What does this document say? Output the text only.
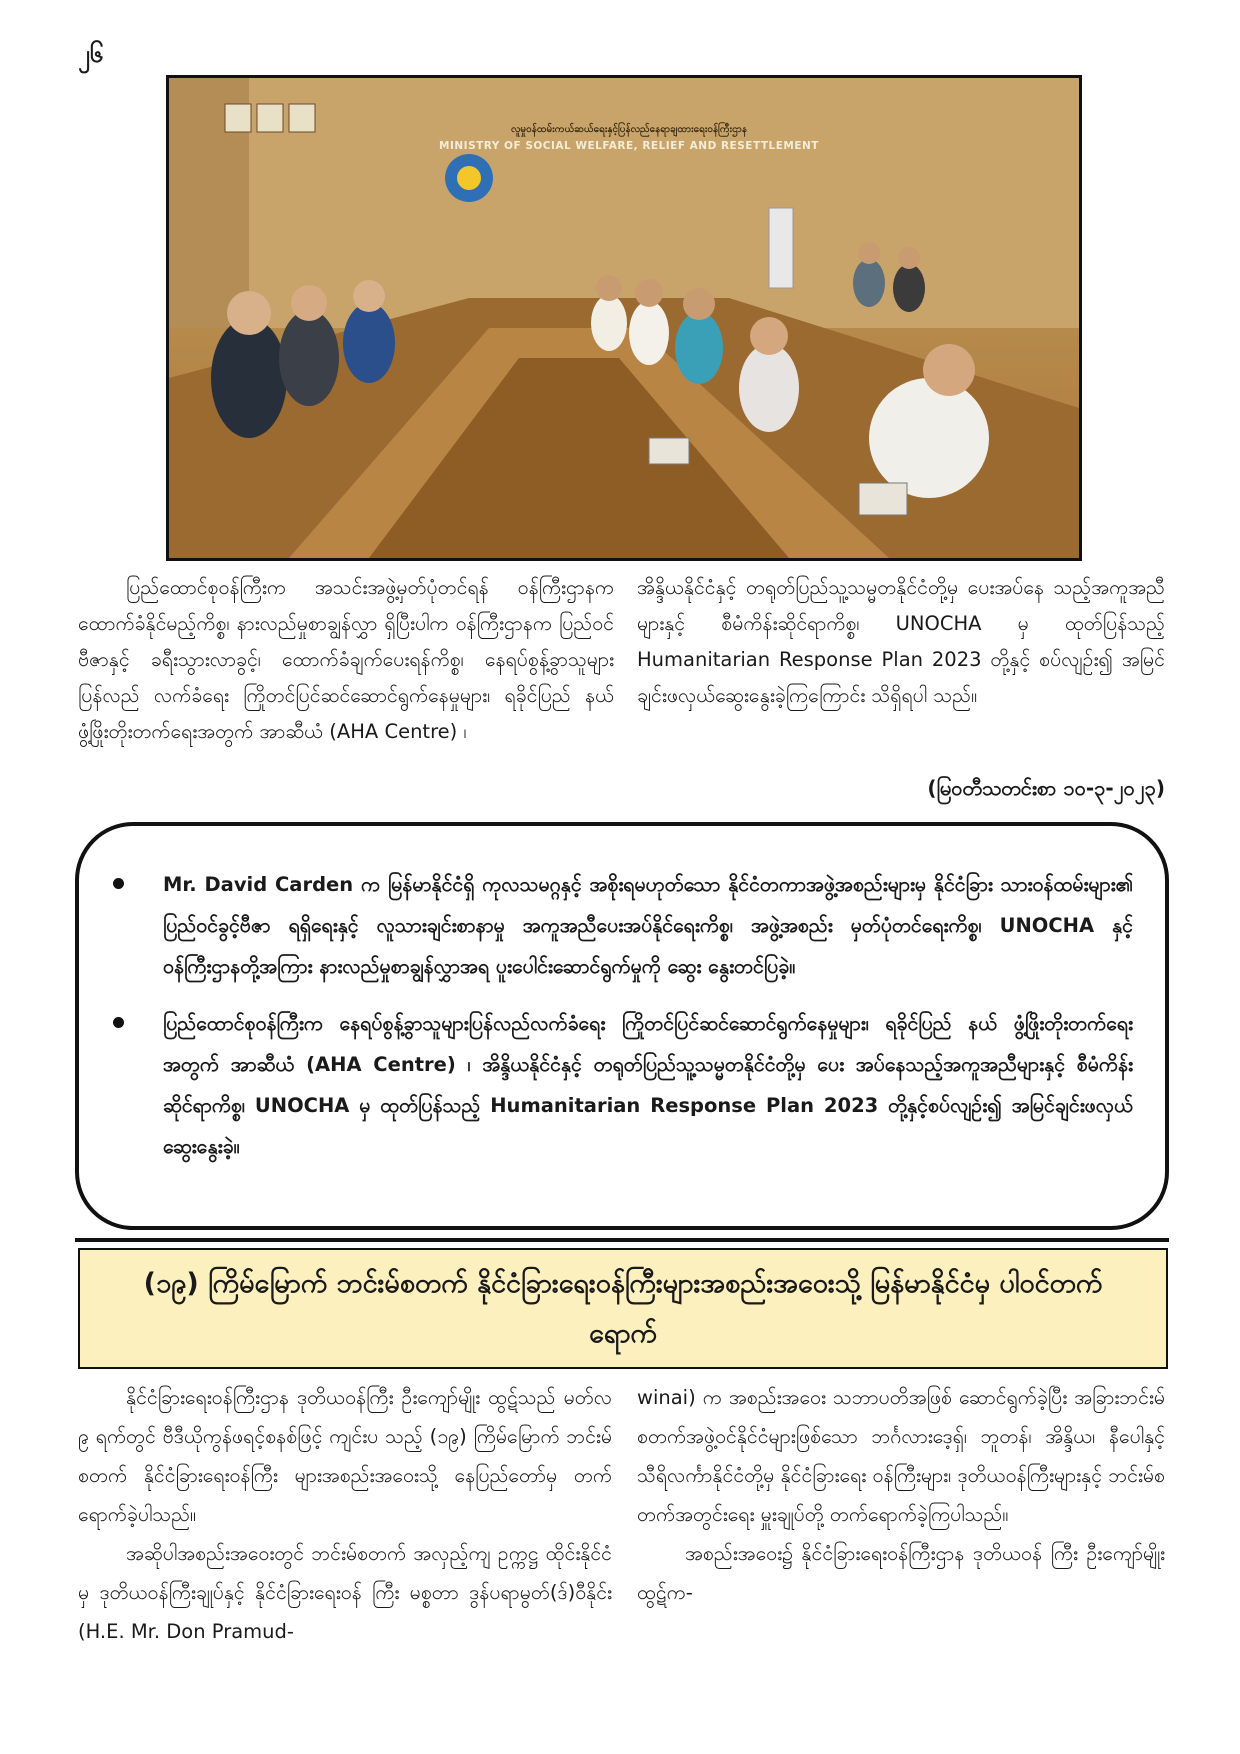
၂၆
လူမှုဝန်ထမ်းကယ်ဆယ်ရေးနှင့်ပြန်လည်နေရာချထားရေးဝန်ကြီးဌာန
MINISTRY OF SOCIAL WELFARE, RELIEF AND RESETTLEMENT

ပြည်ထောင်စုဝန်ကြီးက အသင်းအဖွဲ့မှတ်ပုံတင်ရန် ဝန်ကြီးဌာနက ထောက်ခံနိုင်မည့်ကိစ္စ၊ နားလည်မှုစာချွန်လွှာ ရှိပြီးပါက ဝန်ကြီးဌာနက ပြည်ဝင်ဗီဇာနှင့် ခရီးသွားလာခွင့်၊ ထောက်ခံချက်ပေးရန်ကိစ္စ၊ နေရပ်စွန့်ခွာသူများ ပြန်လည် လက်ခံရေး ကြိုတင်ပြင်ဆင်ဆောင်ရွက်နေမှုများ၊ ရခိုင်ပြည် နယ် ဖွံ့ဖြိုးတိုးတက်ရေးအတွက် အာဆီယံ (AHA Centre) ၊

အိန္ဒိယနိုင်ငံနှင့် တရုတ်ပြည်သူ့သမ္မတနိုင်ငံတို့မှ ပေးအပ်နေ သည့်အကူအညီများနှင့် စီမံကိန်းဆိုင်ရာကိစ္စ၊ UNOCHA မှ ထုတ်ပြန်သည့် Humanitarian Response Plan 2023 တို့နှင့် စပ်လျဉ်း၍ အမြင်ချင်းဖလှယ်ဆွေးနွေးခဲ့ကြကြောင်း သိရှိရပါ သည်။

(မြဝတီသတင်းစာ ၁၀-၃-၂၀၂၃)
Mr. David Carden က မြန်မာနိုင်ငံရှိ ကုလသမဂ္ဂနှင့် အစိုးရမဟုတ်သော နိုင်ငံတကာအဖွဲ့အစည်းများမှ နိုင်ငံခြား သားဝန်ထမ်းများ၏ ပြည်ဝင်ခွင့်ဗီဇာ ရရှိရေးနှင့် လူသားချင်းစာနာမှု အကူအညီပေးအပ်နိုင်ရေးကိစ္စ၊ အဖွဲ့အစည်း မှတ်ပုံတင်ရေးကိစ္စ၊ UNOCHA နှင့် ဝန်ကြီးဌာနတို့အကြား နားလည်မှုစာချွန်လွှာအရ ပူးပေါင်းဆောင်ရွက်မှုကို ဆွေး နွေးတင်ပြခဲ့။
ပြည်ထောင်စုဝန်ကြီးက နေရပ်စွန့်ခွာသူများပြန်လည်လက်ခံရေး ကြိုတင်ပြင်ဆင်ဆောင်ရွက်နေမှုများ၊ ရခိုင်ပြည် နယ် ဖွံ့ဖြိုးတိုးတက်ရေးအတွက် အာဆီယံ (AHA Centre) ၊ အိန္ဒိယနိုင်ငံနှင့် တရုတ်ပြည်သူ့သမ္မတနိုင်ငံတို့မှ ပေး အပ်နေသည့်အကူအညီများနှင့် စီမံကိန်းဆိုင်ရာကိစ္စ၊ UNOCHA မှ ထုတ်ပြန်သည့် Humanitarian Response Plan 2023 တို့နှင့်စပ်လျဉ်း၍ အမြင်ချင်းဖလှယ်ဆွေးနွေးခဲ့။
(၁၉) ကြိမ်မြောက် ဘင်းမ်စတက် နိုင်ငံခြားရေးဝန်ကြီးများအစည်းအဝေးသို့ မြန်မာနိုင်ငံမှ ပါဝင်တက်ရောက်

နိုင်ငံခြားရေးဝန်ကြီးဌာန ဒုတိယဝန်ကြီး ဦးကျော်မျိုး ထွဋ်သည် မတ်လ ၉ ရက်တွင် ဗီဒီယိုကွန်ဖရင့်စနစ်ဖြင့် ကျင်းပ သည့် (၁၉) ကြိမ်မြောက် ဘင်းမ်စတက် နိုင်ငံခြားရေးဝန်ကြီး များအစည်းအဝေးသို့ နေပြည်တော်မှ တက်ရောက်ခဲ့ပါသည်။

အဆိုပါအစည်းအဝေးတွင် ဘင်းမ်စတက် အလှည့်ကျ ဥက္ကဋ္ဌ ထိုင်းနိုင်ငံမှ ဒုတိယဝန်ကြီးချုပ်နှင့် နိုင်ငံခြားရေးဝန် ကြီး မစ္စတာ ဒွန်ပရာမွတ်(ဒ်)ဝီနိုင်း (H.E. Mr. Don Pramud-

winai) က အစည်းအဝေး သဘာပတိအဖြစ် ဆောင်ရွက်ခဲ့ပြီး အခြားဘင်းမ်စတက်အဖွဲ့ဝင်နိုင်ငံများဖြစ်သော ဘင်္ဂလားဒေ့ရှ်၊ ဘူတန်၊ အိန္ဒိယ၊ နီပေါနှင့် သီရိလင်္ကာနိုင်ငံတို့မှ နိုင်ငံခြားရေး ဝန်ကြီးများ၊ ဒုတိယဝန်ကြီးများနှင့် ဘင်းမ်စတက်အတွင်းရေး မှူးချုပ်တို့ တက်ရောက်ခဲ့ကြပါသည်။

အစည်းအဝေး၌ နိုင်ငံခြားရေးဝန်ကြီးဌာန ဒုတိယဝန် ကြီး ဦးကျော်မျိုးထွဋ်က-
